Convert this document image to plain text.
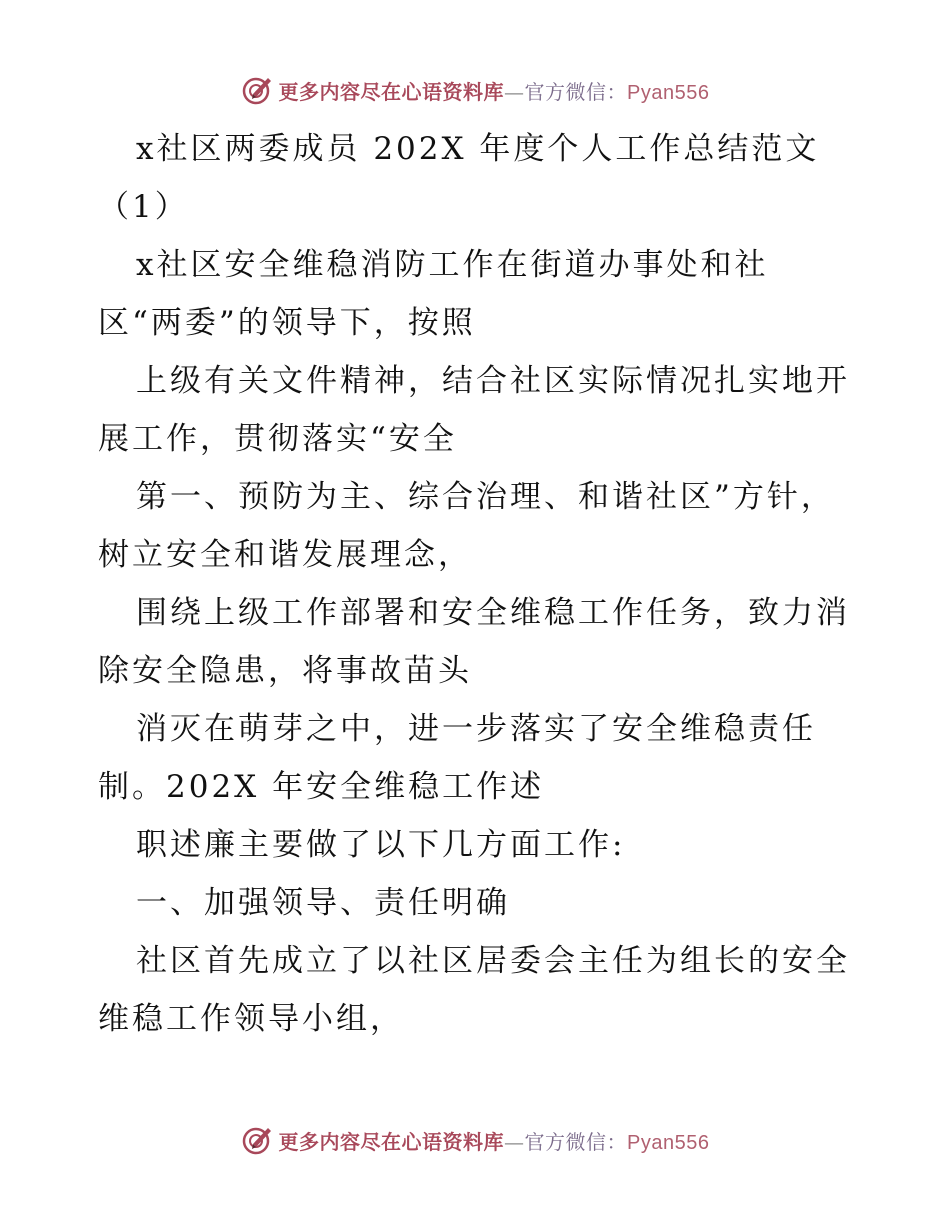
更多内容尽在心语资料库—官方微信：Pyan556
x社区两委成员 202X 年度个人工作总结范文
（1）
x社区安全维稳消防工作在街道办事处和社
区“两委”的领导下，按照
上级有关文件精神，结合社区实际情况扎实地开
展工作，贯彻落实“安全
第一、预防为主、综合治理、和谐社区”方针，
树立安全和谐发展理念，
围绕上级工作部署和安全维稳工作任务，致力消
除安全隐患，将事故苗头
消灭在萌芽之中，进一步落实了安全维稳责任
制。202X 年安全维稳工作述
职述廉主要做了以下几方面工作:
一、加强领导、责任明确
社区首先成立了以社区居委会主任为组长的安全
维稳工作领导小组，
更多内容尽在心语资料库—官方微信：Pyan556
